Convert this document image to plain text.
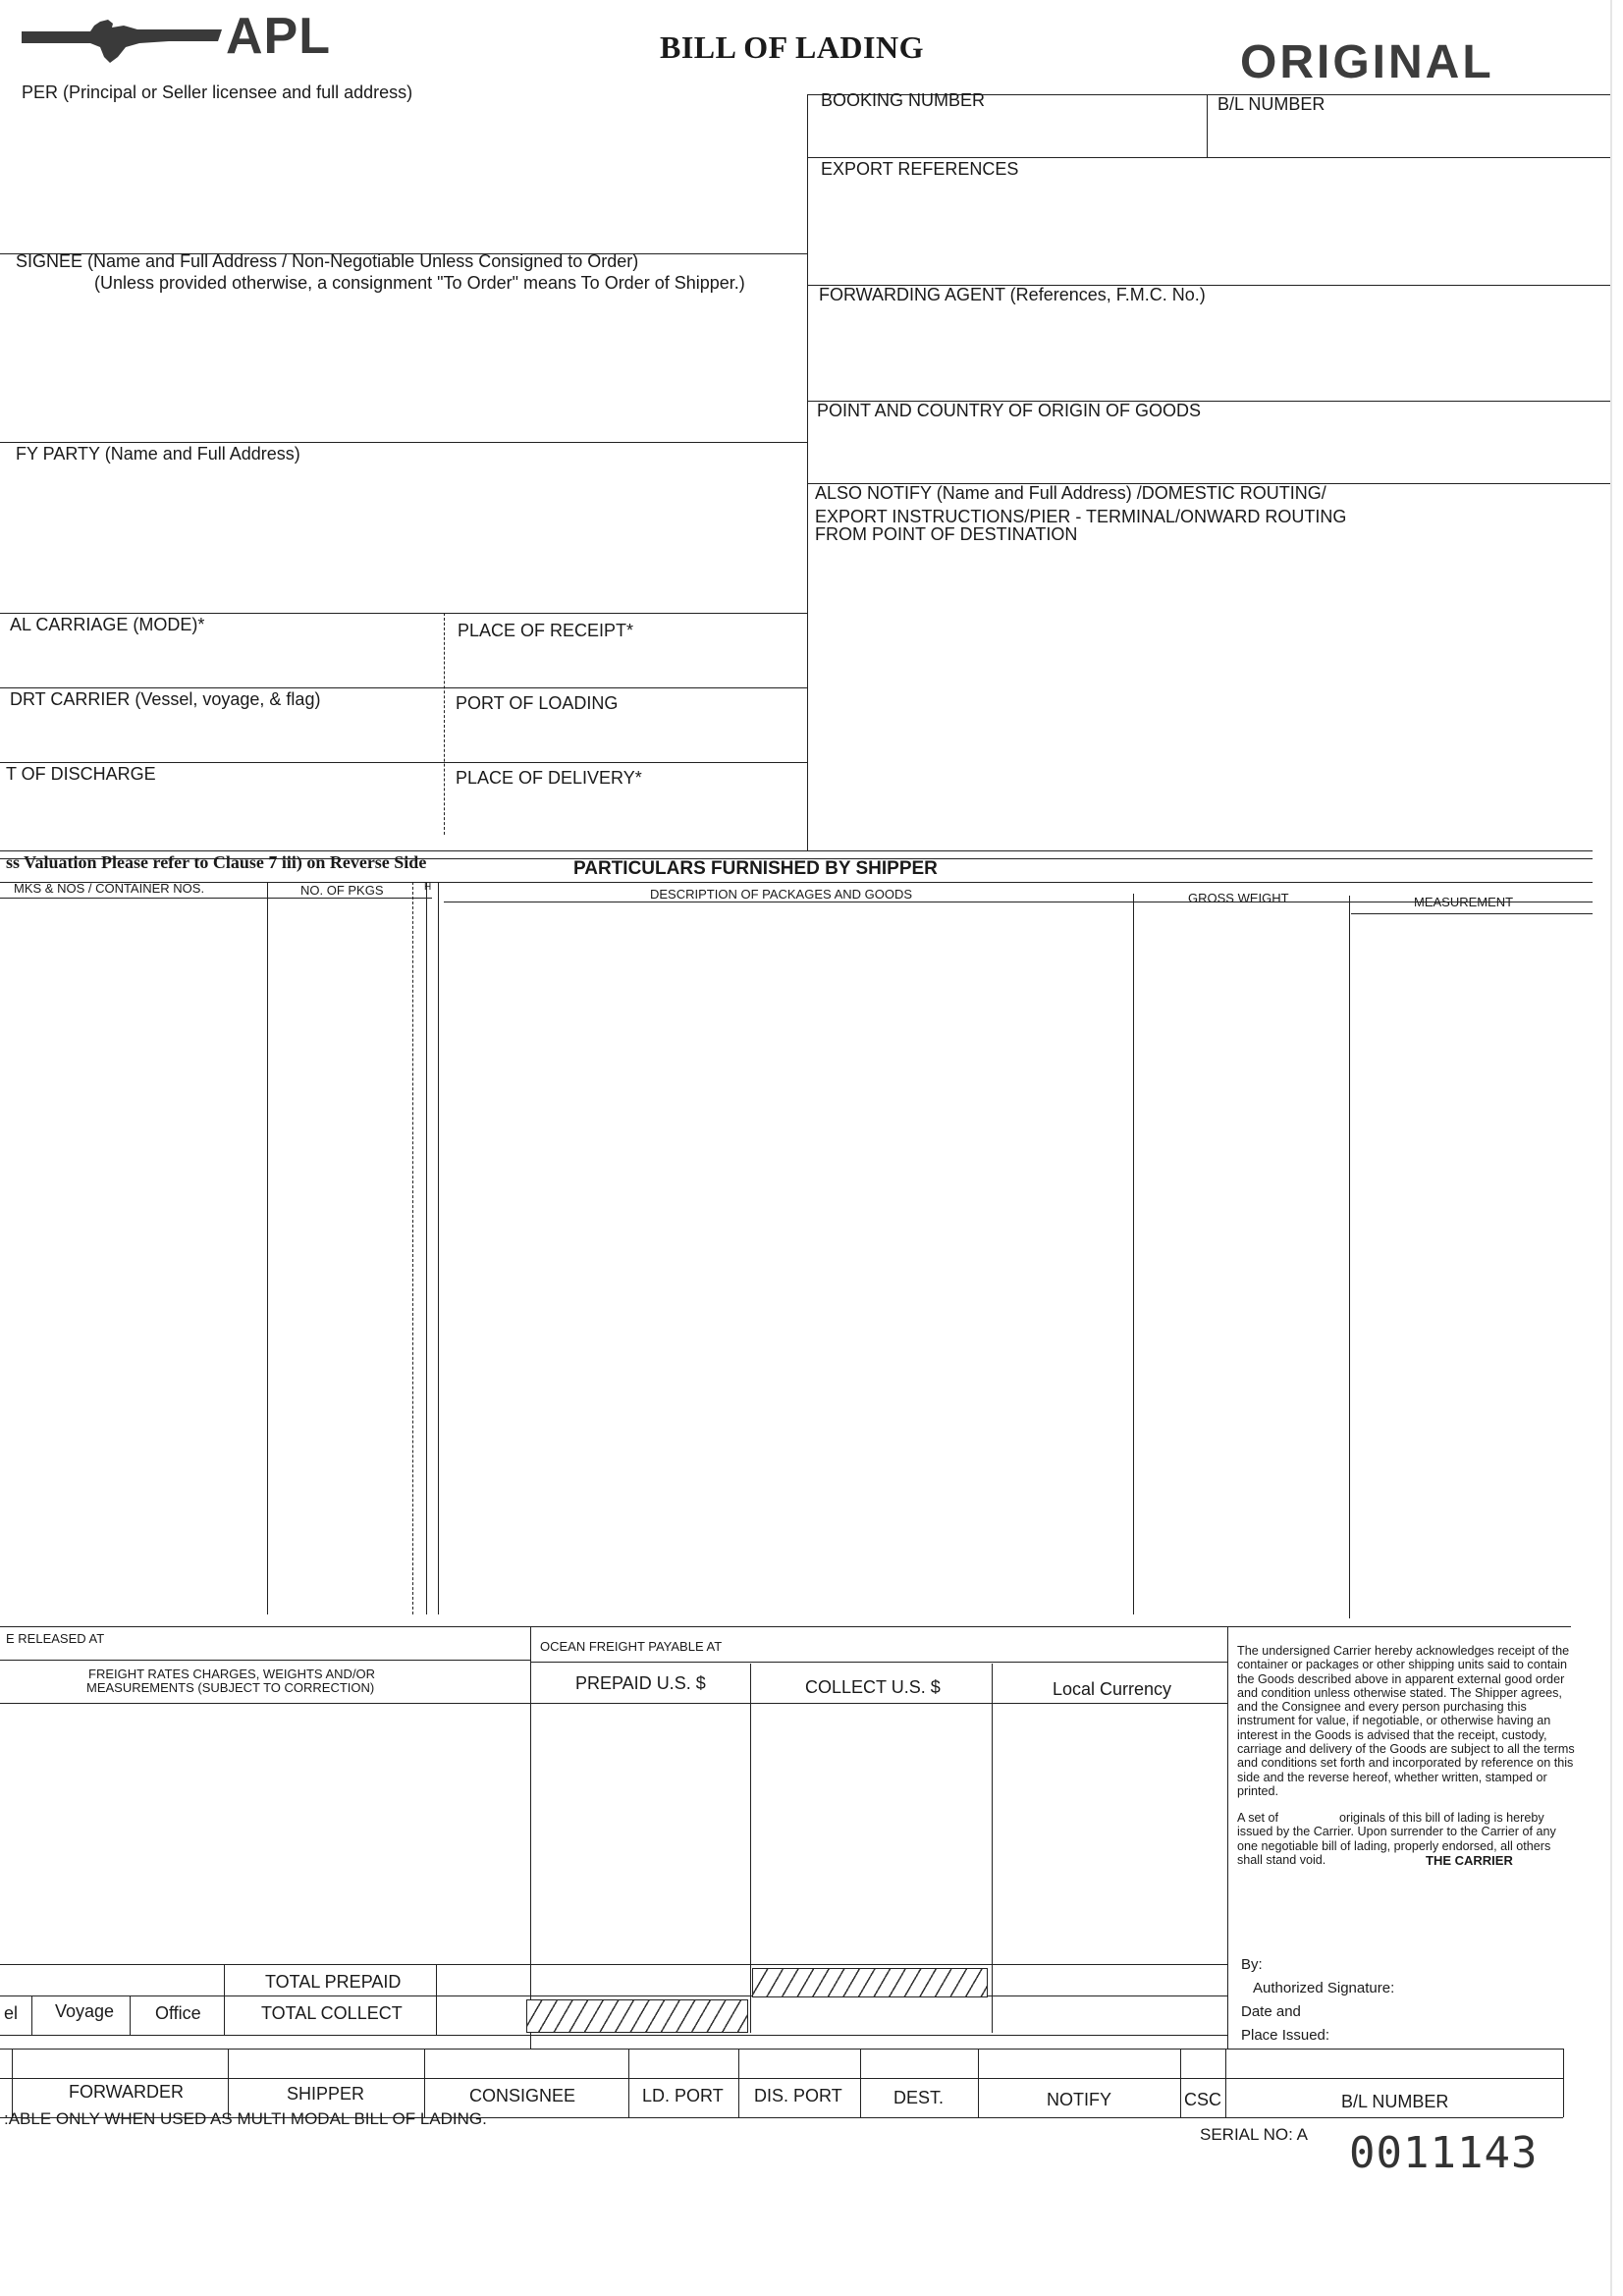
APL	BILL OF LADING	ORIGINAL
PER (Principal or Seller licensee and full address)	BOOKING NUMBER	B/L NUMBER
EXPORT REFERENCES
SIGNEE (Name and Full Address / Non-Negotiable Unless Consigned to Order)
(Unless provided otherwise, a consignment "To Order" means To Order of Shipper.)
FORWARDING AGENT (References, F.M.C. No.)
POINT AND COUNTRY OF ORIGIN OF GOODS
FY PARTY (Name and Full Address)
ALSO NOTIFY (Name and Full Address) /DOMESTIC ROUTING/
EXPORT INSTRUCTIONS/PIER - TERMINAL/ONWARD ROUTING
FROM POINT OF DESTINATION
AL CARRIAGE (MODE)*	PLACE OF RECEIPT*
DRT CARRIER (Vessel, voyage, & flag)	PORT OF LOADING
T OF DISCHARGE	PLACE OF DELIVERY*
ss Valuation Please refer to Clause 7 iii) on Reverse Side	PARTICULARS FURNISHED BY SHIPPER
MKS & NOS / CONTAINER NOS.	NO. OF PKGS	H	DESCRIPTION OF PACKAGES AND GOODS	GROSS WEIGHT	MEASUREMENT
E RELEASED AT
OCEAN FREIGHT PAYABLE AT
FREIGHT RATES CHARGES, WEIGHTS AND/OR
MEASUREMENTS (SUBJECT TO CORRECTION)	PREPAID U.S. $	COLLECT U.S. $	Local Currency
TOTAL PREPAID
TOTAL COLLECT
el Voyage Office

The undersigned Carrier hereby acknowledges receipt of the container or packages or other shipping units said to contain the Goods described above in apparent external good order and condition unless otherwise stated. The Shipper agrees, and the Consignee and every person purchasing this instrument for value, if negotiable, or otherwise having an interest in the Goods is advised that the receipt, custody, carriage and delivery of the Goods are subject to all the terms and conditions set forth and incorporated by reference on this side and the reverse hereof, whether written, stamped or printed.

A set of	originals of this bill of lading is hereby issued by the Carrier. Upon surrender to the Carrier of any one negotiable bill of lading, properly endorsed, all others shall stand void.	THE CARRIER
By:
Authorized Signature:
Date and
Place Issued:
FORWARDER	SHIPPER	CONSIGNEE	LD. PORT DIS. PORT	DEST.	NOTIFY	CSC	B/L NUMBER
:ABLE ONLY WHEN USED AS MULTI MODAL BILL OF LADING.
SERIAL NO: A 0011143
